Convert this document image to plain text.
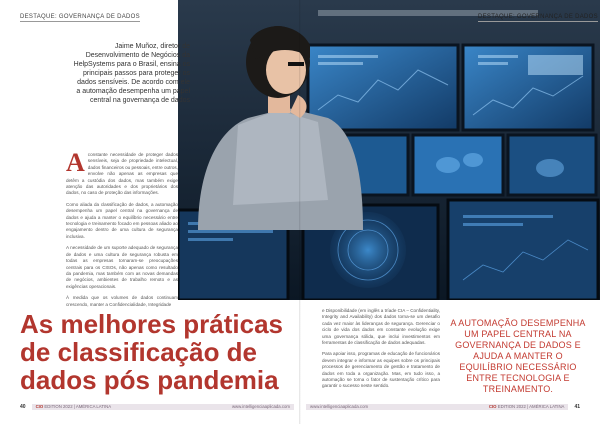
DESTAQUE: GOVERNANÇA DE DADOS	DESTAQUE: GOVERNANÇA DE DADOS
Jaime Muñoz, diretor de Desenvolvimento de Negócios da HelpSystems para o Brasil, ensina os principais passos para proteger os dados sensíveis. De acordo com ele a automação desempenha um papel central na governança de dados

Aconstante necessidade de proteger dados sensíveis, seja de propriedade intelectual, dados financeiros ou pessoais, entre outros, envolve não apenas as empresas que detêm a custódia dos dados, mas também exige atenção das autoridades e dos proprietários dos dados, no caso de proteção das informações.

Como aliada da classificação de dados, a automação desempenha um papel central na governança de dados e ajuda a manter o equilíbrio necessário entre tecnologia e treinamento focado em pessoas aliado ao engajamento dentro de uma cultura de segurança inclusiva.

A necessidade de um suporte adequado de segurança de dados e uma cultura de segurança robusta em todas as empresas tornaram-se preocupações centrais para os CISOs, não apenas como resultado da pandemia, mas também com as novas demandas de negócios, ambientes de trabalho remoto e as exigências operacionais.

À medida que os volumes de dados continuam crescendo, manter a Confidencialidade, Integridade

As melhores práticas de classificação de dados pós pandemia

e Disponibilidade (em inglês a tríade CIA – Confidentiality, Integrity and Availability) dos dados torna-se um desafio cada vez maior às lideranças de segurança. Gerenciar o ciclo de vida dos dados em constante evolução exige uma governança sólida, que inclui investimentos em ferramentas de classificação de dados adequadas.

Para apoiar isso, programas de educação de funcionários devem integrar e informar as equipes sobre os principais processos de gerenciamento de gestão e tratamento de dados em toda a organização. Mas, em tudo isso, a automação se torna o fator de sustentação crítico para garantir o sucesso neste sentido.

A AUTOMAÇÃO DESEMPENHA UM PAPEL CENTRAL NA GOVERNANÇA DE DADOS E AJUDA A MANTER O EQUILÍBRIO NECESSÁRIO ENTRE TECNOLOGIA E TREINAMENTO.
40 CIO EDITION 2022 | AMÉRICA LATINA	www.intelligenciaaplicada.com	www.intelligenciaaplicada.com	CIO EDITION 2022 | AMÉRICA LATINA 41
